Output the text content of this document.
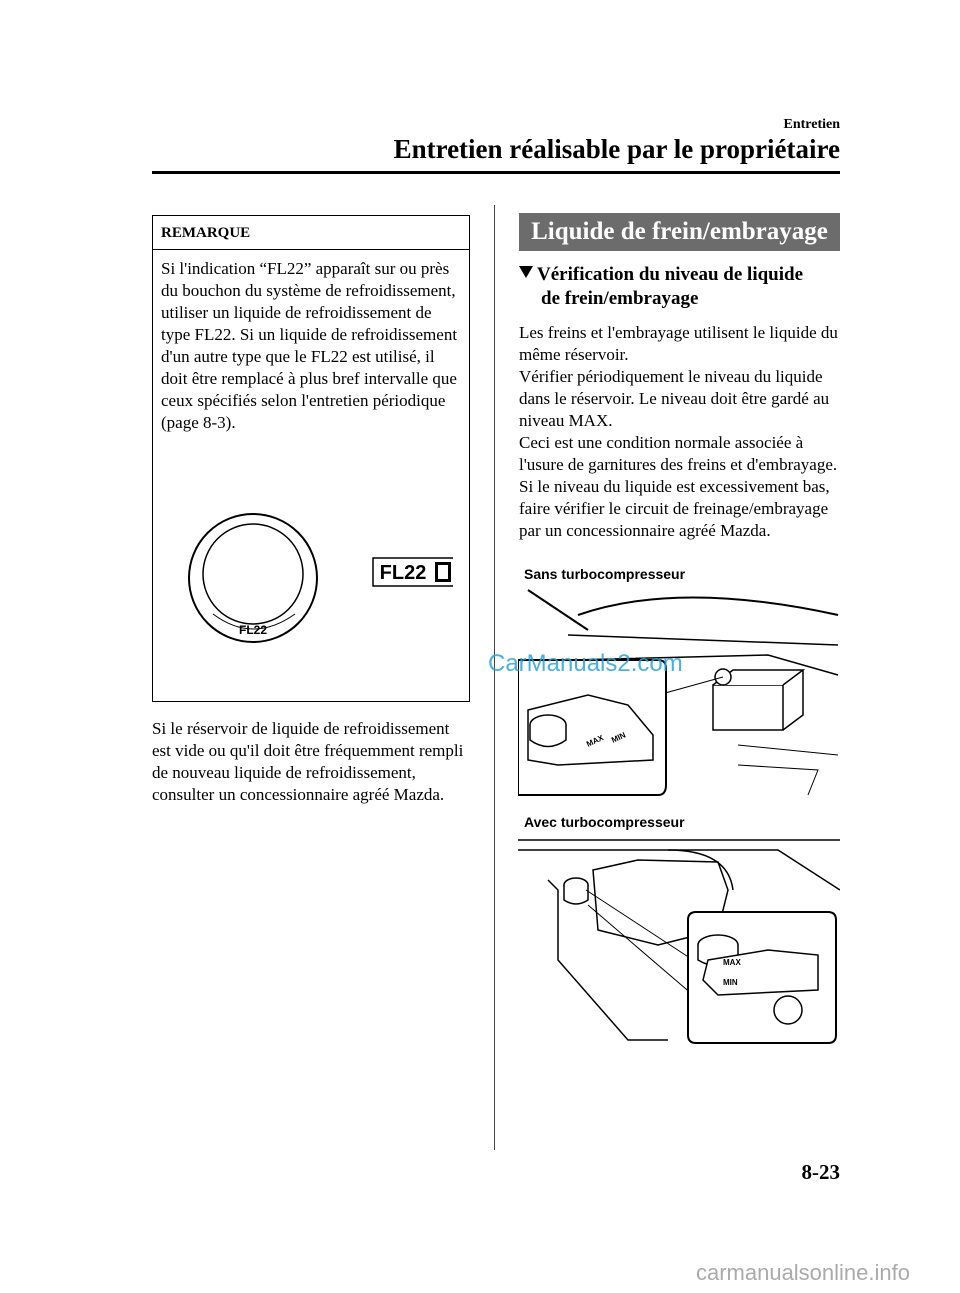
Entretien
Entretien réalisable par le propriétaire
REMARQUE
Si l'indication “FL22” apparaît sur ou près du bouchon du système de refroidissement, utiliser un liquide de refroidissement de type FL22. Si un liquide de refroidissement d'un autre type que le FL22 est utilisé, il doit être remplacé à plus bref intervalle que ceux spécifiés selon l'entretien périodique (page 8-3).
FL22
FL22
Si le réservoir de liquide de refroidissement est vide ou qu'il doit être fréquemment rempli de nouveau liquide de refroidissement, consulter un concessionnaire agréé Mazda.
Liquide de frein/embrayage
Vérification du niveau de liquide
de frein/embrayage
Les freins et l'embrayage utilisent le liquide du même réservoir.
Vérifier périodiquement le niveau du liquide dans le réservoir. Le niveau doit être gardé au niveau MAX.
Ceci est une condition normale associée à l'usure de garnitures des freins et d'embrayage. Si le niveau du liquide est excessivement bas, faire vérifier le circuit de freinage/embrayage par un concessionnaire agréé Mazda.
Sans turbocompresseur
MAX MIN
Avec turbocompresseur
MAX
MIN
CarManuals2.com
8-23
carmanualsonline.info
